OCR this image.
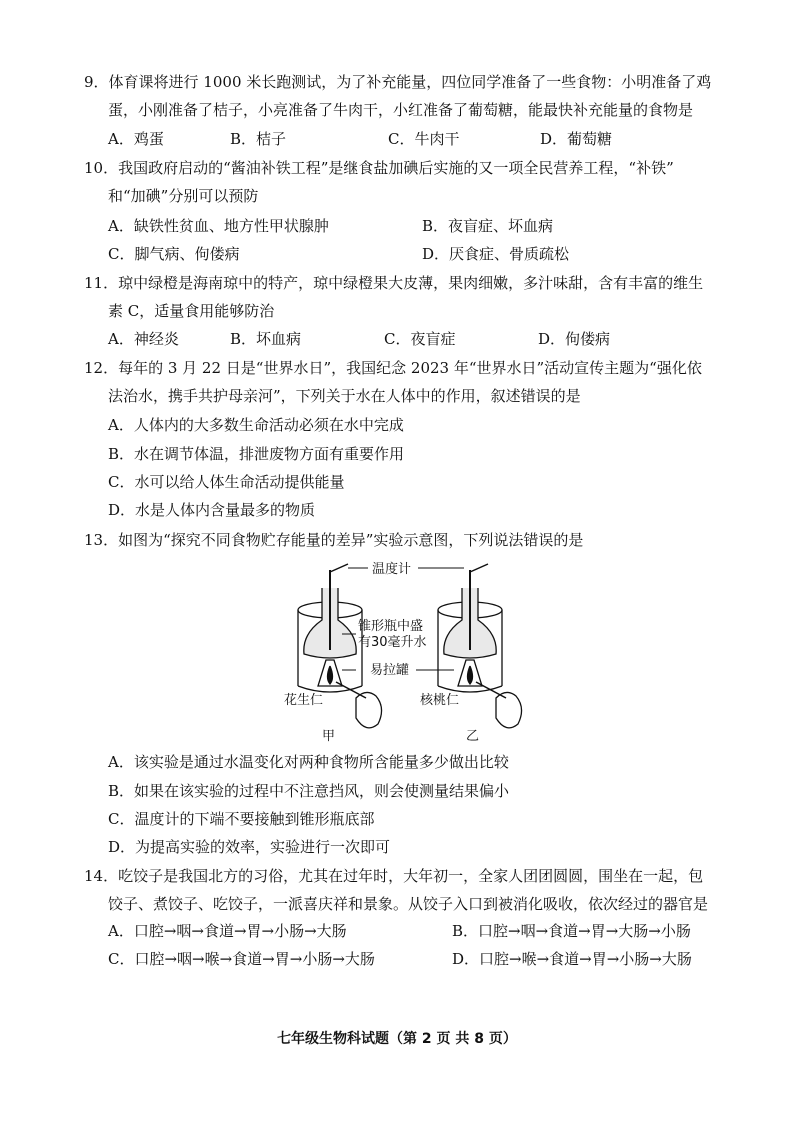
9．体育课将进行 1000 米长跑测试，为了补充能量，四位同学准备了一些食物：小明准备了鸡
蛋，小刚准备了桔子，小亮准备了牛肉干，小红准备了葡萄糖，能最快补充能量的食物是
A．鸡蛋	B．桔子	C．牛肉干	D．葡萄糖
10．我国政府启动的“酱油补铁工程”是继食盐加碘后实施的又一项全民营养工程，“补铁”
和“加碘”分别可以预防
A．缺铁性贫血、地方性甲状腺肿	B．夜盲症、坏血病
C．脚气病、佝偻病	D．厌食症、骨质疏松
11．琼中绿橙是海南琼中的特产，琼中绿橙果大皮薄，果肉细嫩，多汁味甜，含有丰富的维生
素 C，适量食用能够防治
A．神经炎	B．坏血病	C．夜盲症	D．佝偻病
12．每年的 3 月 22 日是“世界水日”，我国纪念 2023 年“世界水日”活动宣传主题为“强化依
法治水，携手共护母亲河”，下列关于水在人体中的作用，叙述错误的是
A．人体内的大多数生命活动必须在水中完成
B．水在调节体温，排泄废物方面有重要作用
C．水可以给人体生命活动提供能量
D．水是人体内含量最多的物质
13．如图为“探究不同食物贮存能量的差异”实验示意图，下列说法错误的是
温度计
锥形瓶中盛
有30毫升水
易拉罐
花生仁	核桃仁
甲	乙
A．该实验是通过水温变化对两种食物所含能量多少做出比较
B．如果在该实验的过程中不注意挡风，则会使测量结果偏小
C．温度计的下端不要接触到锥形瓶底部
D．为提高实验的效率，实验进行一次即可
14．吃饺子是我国北方的习俗，尤其在过年时，大年初一，全家人团团圆圆，围坐在一起，包
饺子、煮饺子、吃饺子，一派喜庆祥和景象。从饺子入口到被消化吸收，依次经过的器官是
A．口腔→咽→食道→胃→小肠→大肠	B．口腔→咽→食道→胃→大肠→小肠
C．口腔→咽→喉→食道→胃→小肠→大肠	D．口腔→喉→食道→胃→小肠→大肠
七年级生物科试题（第 2 页 共 8 页）
